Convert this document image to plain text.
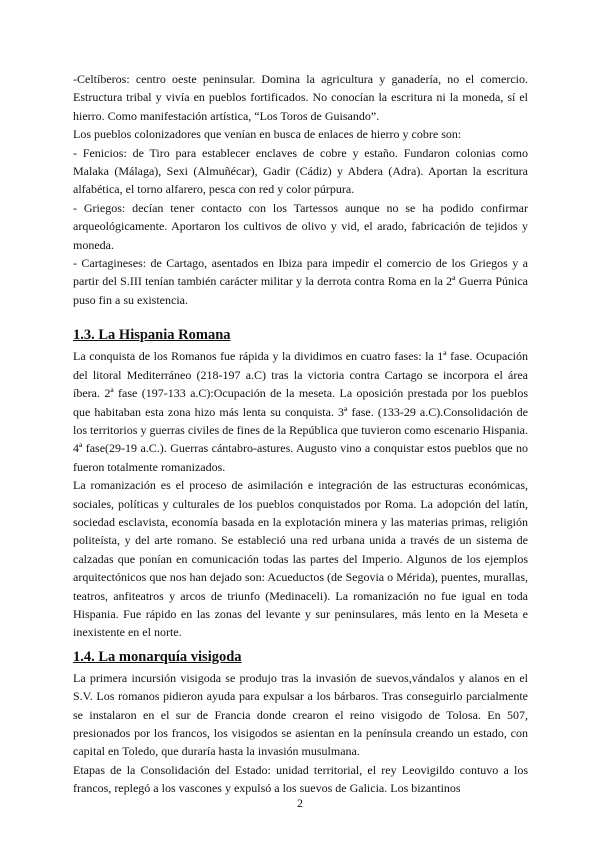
-Celtíberos: centro oeste peninsular. Domina la agricultura y ganadería, no el comercio. Estructura tribal y vivía en pueblos fortificados. No conocían la escritura ni la moneda, sí el hierro. Como manifestación artística, “Los Toros de Guisando”.

Los pueblos colonizadores que venían en busca de enlaces de hierro y cobre son:

- Fenicios: de Tiro para establecer enclaves de cobre y estaño. Fundaron colonias como Malaka (Málaga), Sexi (Almuñécar), Gadir (Cádiz) y Abdera (Adra). Aportan la escritura alfabética, el torno alfarero, pesca con red y color púrpura.

- Griegos: decían tener contacto con los Tartessos aunque no se ha podido confirmar arqueológicamente. Aportaron los cultivos de olivo y vid, el arado, fabricación de tejidos y moneda.

- Cartagineses: de Cartago, asentados en Ibiza para impedir el comercio de los Griegos y a partir del S.III tenían también carácter militar y la derrota contra Roma en la 2ª Guerra Púnica puso fin a su existencia.

1.3. La Hispania Romana

La conquista de los Romanos fue rápida y la dividimos en cuatro fases: la 1ª fase. Ocupación del litoral Mediterráneo (218-197 a.C) tras la victoria contra Cartago se incorpora el área íbera. 2ª fase (197-133 a.C):Ocupación de la meseta. La oposición prestada por los pueblos que habitaban esta zona hizo más lenta su conquista. 3ª fase. (133-29 a.C).Consolidación de los territorios y guerras civiles de fines de la República que tuvieron como escenario Hispania. 4ª fase(29-19 a.C.). Guerras cántabro-astures. Augusto vino a conquistar estos pueblos que no fueron totalmente romanizados.

La romanización es el proceso de asimilación e integración de las estructuras económicas, sociales, políticas y culturales de los pueblos conquistados por Roma. La adopción del latín, sociedad esclavista, economía basada en la explotación minera y las materias primas, religión politeísta, y del arte romano. Se estableció una red urbana unida a través de un sistema de calzadas que ponían en comunicación todas las partes del Imperio. Algunos de los ejemplos arquitectónicos que nos han dejado son: Acueductos (de Segovia o Mérida), puentes, murallas, teatros, anfiteatros y arcos de triunfo (Medinaceli). La romanización no fue igual en toda Hispania. Fue rápido en las zonas del levante y sur peninsulares, más lento en la Meseta e inexistente en el norte.

1.4. La monarquía visigoda

La primera incursión visigoda se produjo tras la invasión de suevos,vándalos y alanos en el S.V. Los romanos pidieron ayuda para expulsar a los bárbaros. Tras conseguirlo parcialmente se instalaron en el sur de Francia donde crearon el reino visigodo de Tolosa. En 507, presionados por los francos, los visigodos se asientan en la península creando un estado, con capital en Toledo, que duraría hasta la invasión musulmana.

Etapas de la Consolidación del Estado: unidad territorial, el rey Leovigildo contuvo a los francos, replegó a los vascones y expulsó a los suevos de Galicia. Los bizantinos

2
